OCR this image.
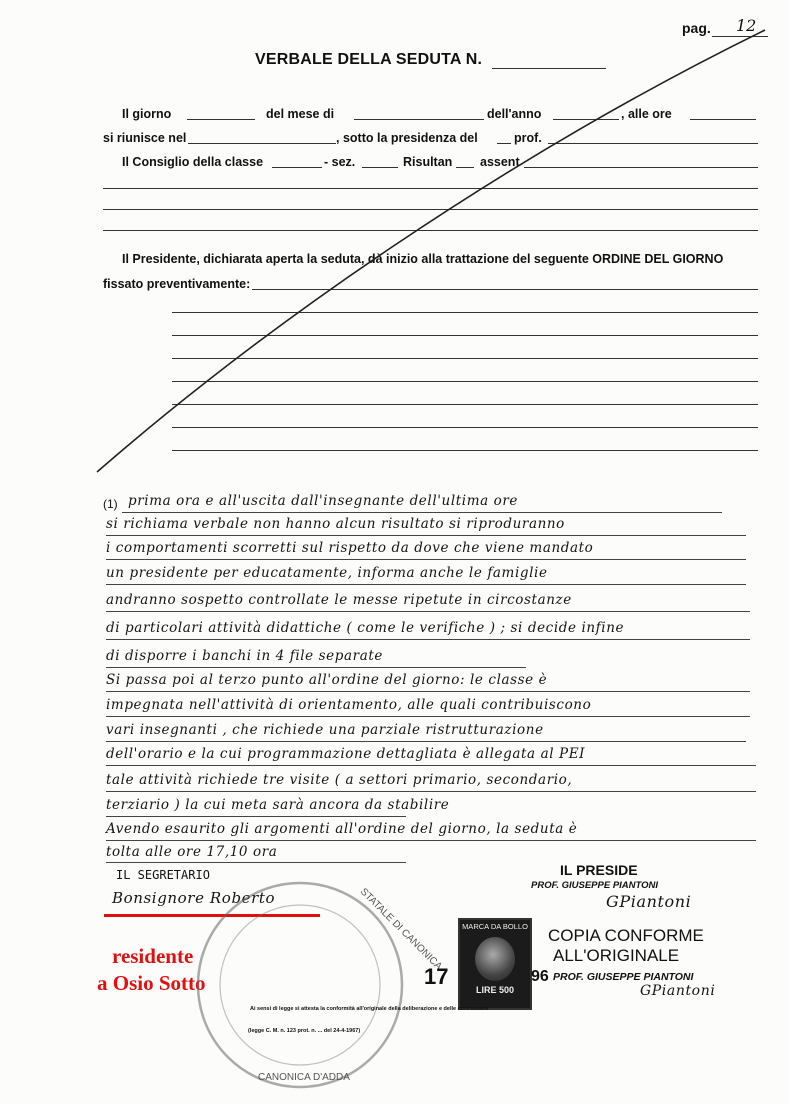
pag. 12
VERBALE DELLA SEDUTA N.
Il giorno	del mese di	dell'anno	, alle ore
si riunisce nel	, sotto la presidenza del	prof.
Il Consiglio della classe	- sez.	Risultan assent
Il Presidente, dichiarata aperta la seduta, dà inizio alla trattazione del seguente ORDINE DEL GIORNO
fissato preventivamente:
(1) prima ora e all'uscita dall'insegnante dell'ultima ore
si richiama verbale non hanno alcun risultato si riproduranno
i comportamenti scorretti sul rispetto da dove che viene mandato
un presidente per educatamente, informa anche le famiglie
andranno sospetto controllate le messe ripetute in circostanze
di particolari attività didattiche ( come le verifiche ) ; si decide infine
di disporre i banchi in 4 file separate
Si passa poi al terzo punto all'ordine del giorno: le classe è
impegnata nell'attività di orientamento, alle quali contribuiscono
vari insegnanti , che richiede una parziale ristrutturazione
dell'orario e la cui programmazione dettagliata è allegata al PEI
tale attività richiede tre visite ( a settori primario, secondario,
terziario ) la cui meta sarà ancora da stabilire
Avendo esaurito gli argomenti all'ordine del giorno, la seduta è
tolta alle ore 17,10 ora
IL SEGRETARIO
Bonsignore Roberto
residente
a Osio Sotto
STATALE DI CANONICA
CANONICA D'ADDA
IL PRESIDE
PROF. GIUSEPPE PIANTONI
GPiantoni
MARCA DA BOLLO
LIRE 500
COPIA CONFORME
ALL'ORIGINALE
17	96 PROF. GIUSEPPE PIANTONI
GPiantoni
Ai sensi di legge si attesta la conformità all'originale della deliberazione e delle conclusioni
(legge C. M. n. 123 prot. n. ... del 24-4-1967)
